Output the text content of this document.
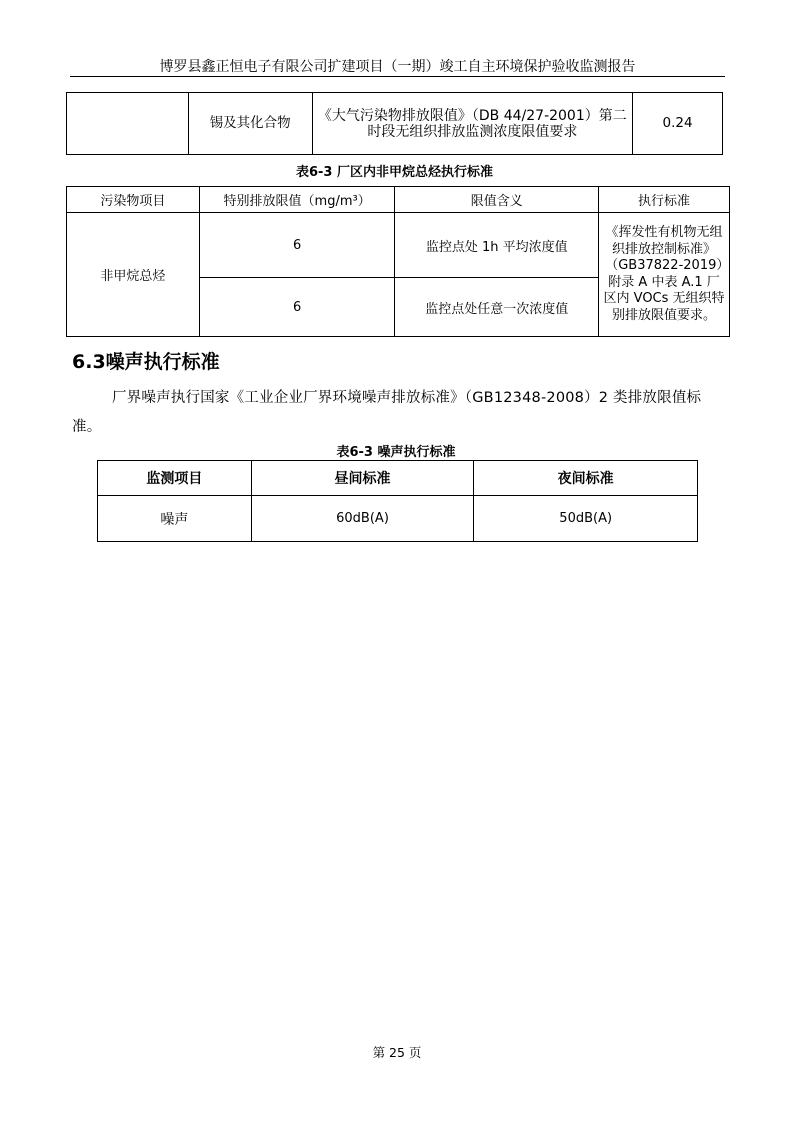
博罗县鑫正恒电子有限公司扩建项目（一期）竣工自主环境保护验收监测报告
	锡及其化合物	《大气污染物排放限值》（DB 44/27-2001）第二时段无组织排放监测浓度限值要求	0.24
表6-3 厂区内非甲烷总烃执行标准
污染物项目	特别排放限值（mg/m³）	限值含义	执行标准
非甲烷总烃	6	监控点处 1h 平均浓度值	《挥发性有机物无组织排放控制标准》（GB37822-2019）附录 A 中表 A.1 厂区内 VOCs 无组织特别排放限值要求。
	6	监控点处任意一次浓度值	
6.3噪声执行标准
厂界噪声执行国家《工业企业厂界环境噪声排放标准》（GB12348-2008）2 类排放限值标准。
表6-3 噪声执行标准
监测项目	昼间标准	夜间标准
噪声	60dB(A)	50dB(A)
第 25 页
